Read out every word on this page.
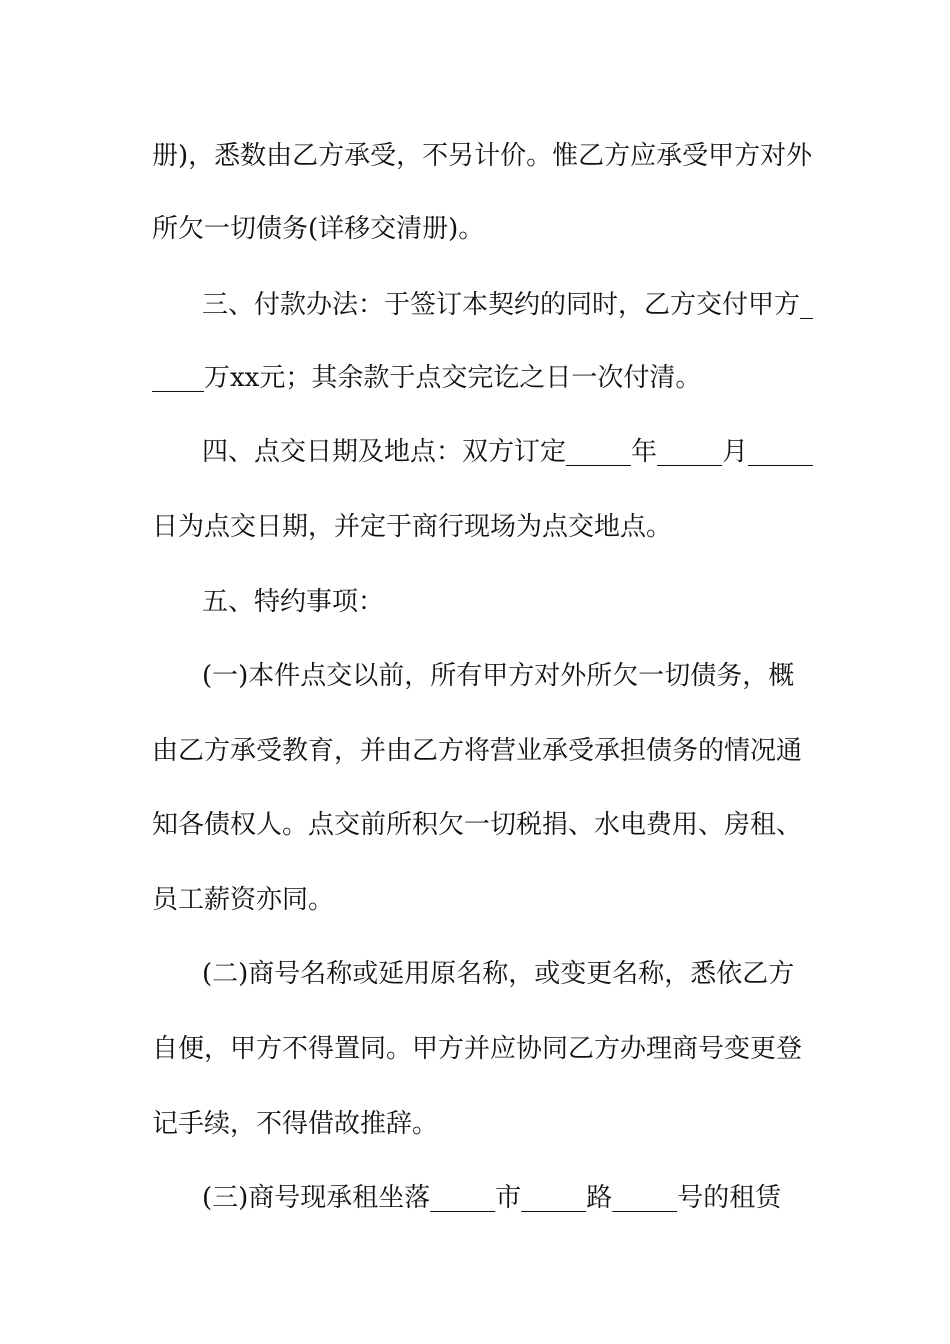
册)，悉数由乙方承受，不另计价。惟乙方应承受甲方对外
所欠一切债务(详移交清册)。
三、付款办法：于签订本契约的同时，乙方交付甲方_
____万xx元；其余款于点交完讫之日一次付清。
四、点交日期及地点：双方订定_____年_____月_____
日为点交日期，并定于商行现场为点交地点。
五、特约事项：
(一)本件点交以前，所有甲方对外所欠一切债务，概
由乙方承受教育，并由乙方将营业承受承担债务的情况通
知各债权人。点交前所积欠一切税捐、水电费用、房租、
员工薪资亦同。
(二)商号名称或延用原名称，或变更名称，悉依乙方
自便，甲方不得置同。甲方并应协同乙方办理商号变更登
记手续，不得借故推辞。
(三)商号现承租坐落_____市_____路_____号的租赁
